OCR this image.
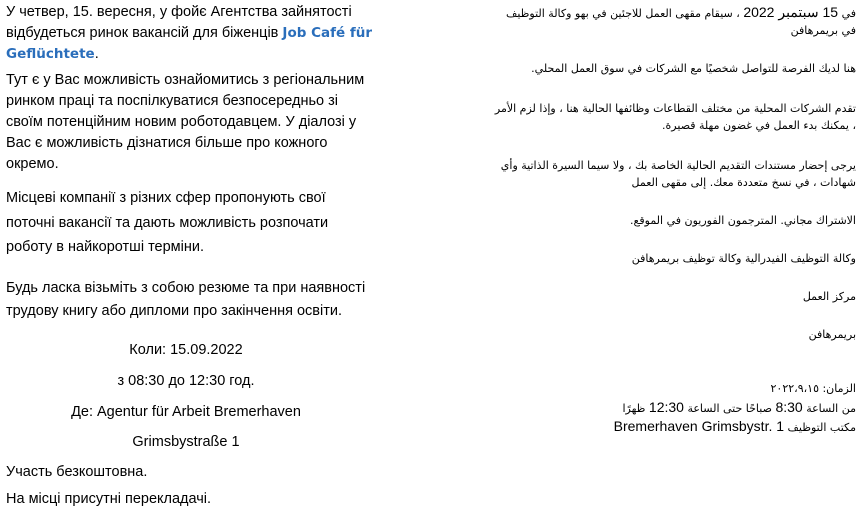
У четвер, 15. вересня, у фойє Агентства зайнятості відбудеться ринок вакансій для біженців Job Café für Geflüchtete.
Тут є у Вас можливість ознайомитись з регіональним ринком праці та поспілкуватися безпосередньо зі своїм потенційним новим роботодавцем. У діалозі у Вас є можливість дізнатися більше про кожного окремо.
Місцеві компанії з різних сфер пропонують свої
поточні вакансії та дають можливість розпочати
роботу в найкоротші терміни.
Будь ласка візьміть з собою резюме та при наявності трудову книгу або дипломи про закінчення освіти.
Коли: 15.09.2022
з 08:30 до 12:30 год.
Де: Agentur für Arbeit Bremerhaven
Grimsbystraße 1
Участь безкоштовна.
На місці присутні перекладачі.
في 15 سبتمبر 2022 ، سيقام مقهى العمل للاجئين في بهو وكالة التوظيف في بريمرهافن
هنا لديك الفرصة للتواصل شخصيًا مع الشركات في سوق العمل المحلي.
تقدم الشركات المحلية من مختلف القطاعات وظائفها الحالية هنا ، وإذا لزم الأمر ، يمكنك بدء العمل في غضون مهلة قصيرة.
يرجى إحضار مستندات التقديم الحالية الخاصة بك ، ولا سيما السيرة الذاتية وأي شهادات ، في نسخ متعددة معك. إلى مقهى العمل
الاشتراك مجاني. المترجمون الفوريون في الموقع.
وكالة التوظيف الفيدرالية وكالة توظيف بريمرهافن
مركز العمل
بريمرهافن
الزمان: ٢٠٢٢،٩،١٥
من الساعة 8:30 صباحًا حتى الساعة 12:30 ظهرًا
مكتب التوظيف Bremerhaven Grimsbystr. 1
